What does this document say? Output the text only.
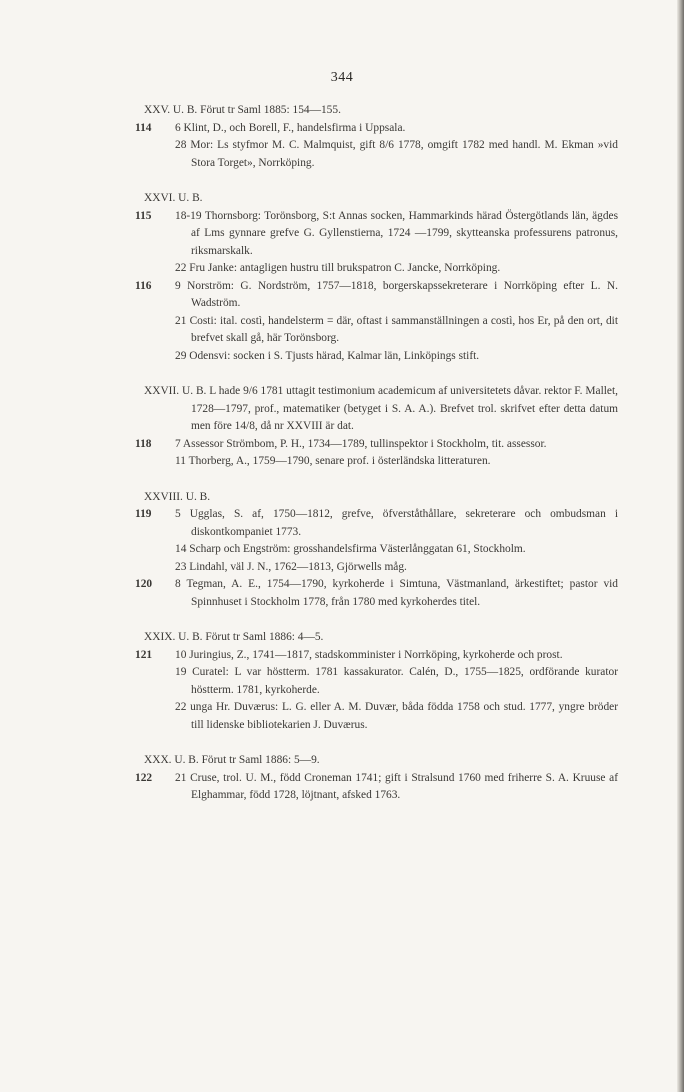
344
XXV. U. B. Förut tr Saml 1885: 154—155.
114	6 Klint, D., och Borell, F., handelsfirma i Uppsala.
28 Mor: Ls styfmor M. C. Malmquist, gift 8/6 1778, omgift 1782 med handl. M. Ekman »vid Stora Torget», Norrköping.
XXVI. U. B.
115	18-19 Thornsborg: Torönsborg, S:t Annas socken, Hammarkinds härad Östergötlands län, ägdes af Lms gynnare grefve G. Gyllenstierna, 1724 —1799, skytteanska professurens patronus, riksmarskalk.
22 Fru Janke: antagligen hustru till brukspatron C. Jancke, Norrköping.
116	9 Norström: G. Nordström, 1757—1818, borgerskapssekreterare i Norrköping efter L. N. Wadström.
21 Costi: ital. costì, handelsterm = där, oftast i sammanställningen a costì, hos Er, på den ort, dit brefvet skall gå, här Torönsborg.
29 Odensvi: socken i S. Tjusts härad, Kalmar län, Linköpings stift.
XXVII. U. B. L hade 9/6 1781 uttagit testimonium academicum af universitetets dåvar. rektor F. Mallet, 1728—1797, prof., matematiker (betyget i S. A. A.). Brefvet trol. skrifvet efter detta datum men före 14/8, då nr XXVIII är dat.
118	7 Assessor Strömbom, P. H., 1734—1789, tullinspektor i Stockholm, tit. assessor.
11 Thorberg, A., 1759—1790, senare prof. i österländska litteraturen.
XXVIII. U. B.
119	5 Ugglas, S. af, 1750—1812, grefve, öfverståthållare, sekreterare och ombudsman i diskontkompaniet 1773.
14 Scharp och Engström: grosshandelsfirma Västerlånggatan 61, Stockholm.
23 Lindahl, väl J. N., 1762—1813, Gjörwells måg.
120	8 Tegman, A. E., 1754—1790, kyrkoherde i Simtuna, Västmanland, ärkestiftet; pastor vid Spinnhuset i Stockholm 1778, från 1780 med kyrkoherdes titel.
XXIX. U. B. Förut tr Saml 1886: 4—5.
121	10 Juringius, Z., 1741—1817, stadskomminister i Norrköping, kyrkoherde och prost.
19 Curatel: L var höstterm. 1781 kassakurator. Calén, D., 1755—1825, ordförande kurator höstterm. 1781, kyrkoherde.
22 unga Hr. Duværus: L. G. eller A. M. Duvær, båda födda 1758 och stud. 1777, yngre bröder till lidenske bibliotekarien J. Duværus.
XXX. U. B. Förut tr Saml 1886: 5—9.
122	21 Cruse, trol. U. M., född Croneman 1741; gift i Stralsund 1760 med friherre S. A. Kruuse af Elghammar, född 1728, löjtnant, afsked 1763.
